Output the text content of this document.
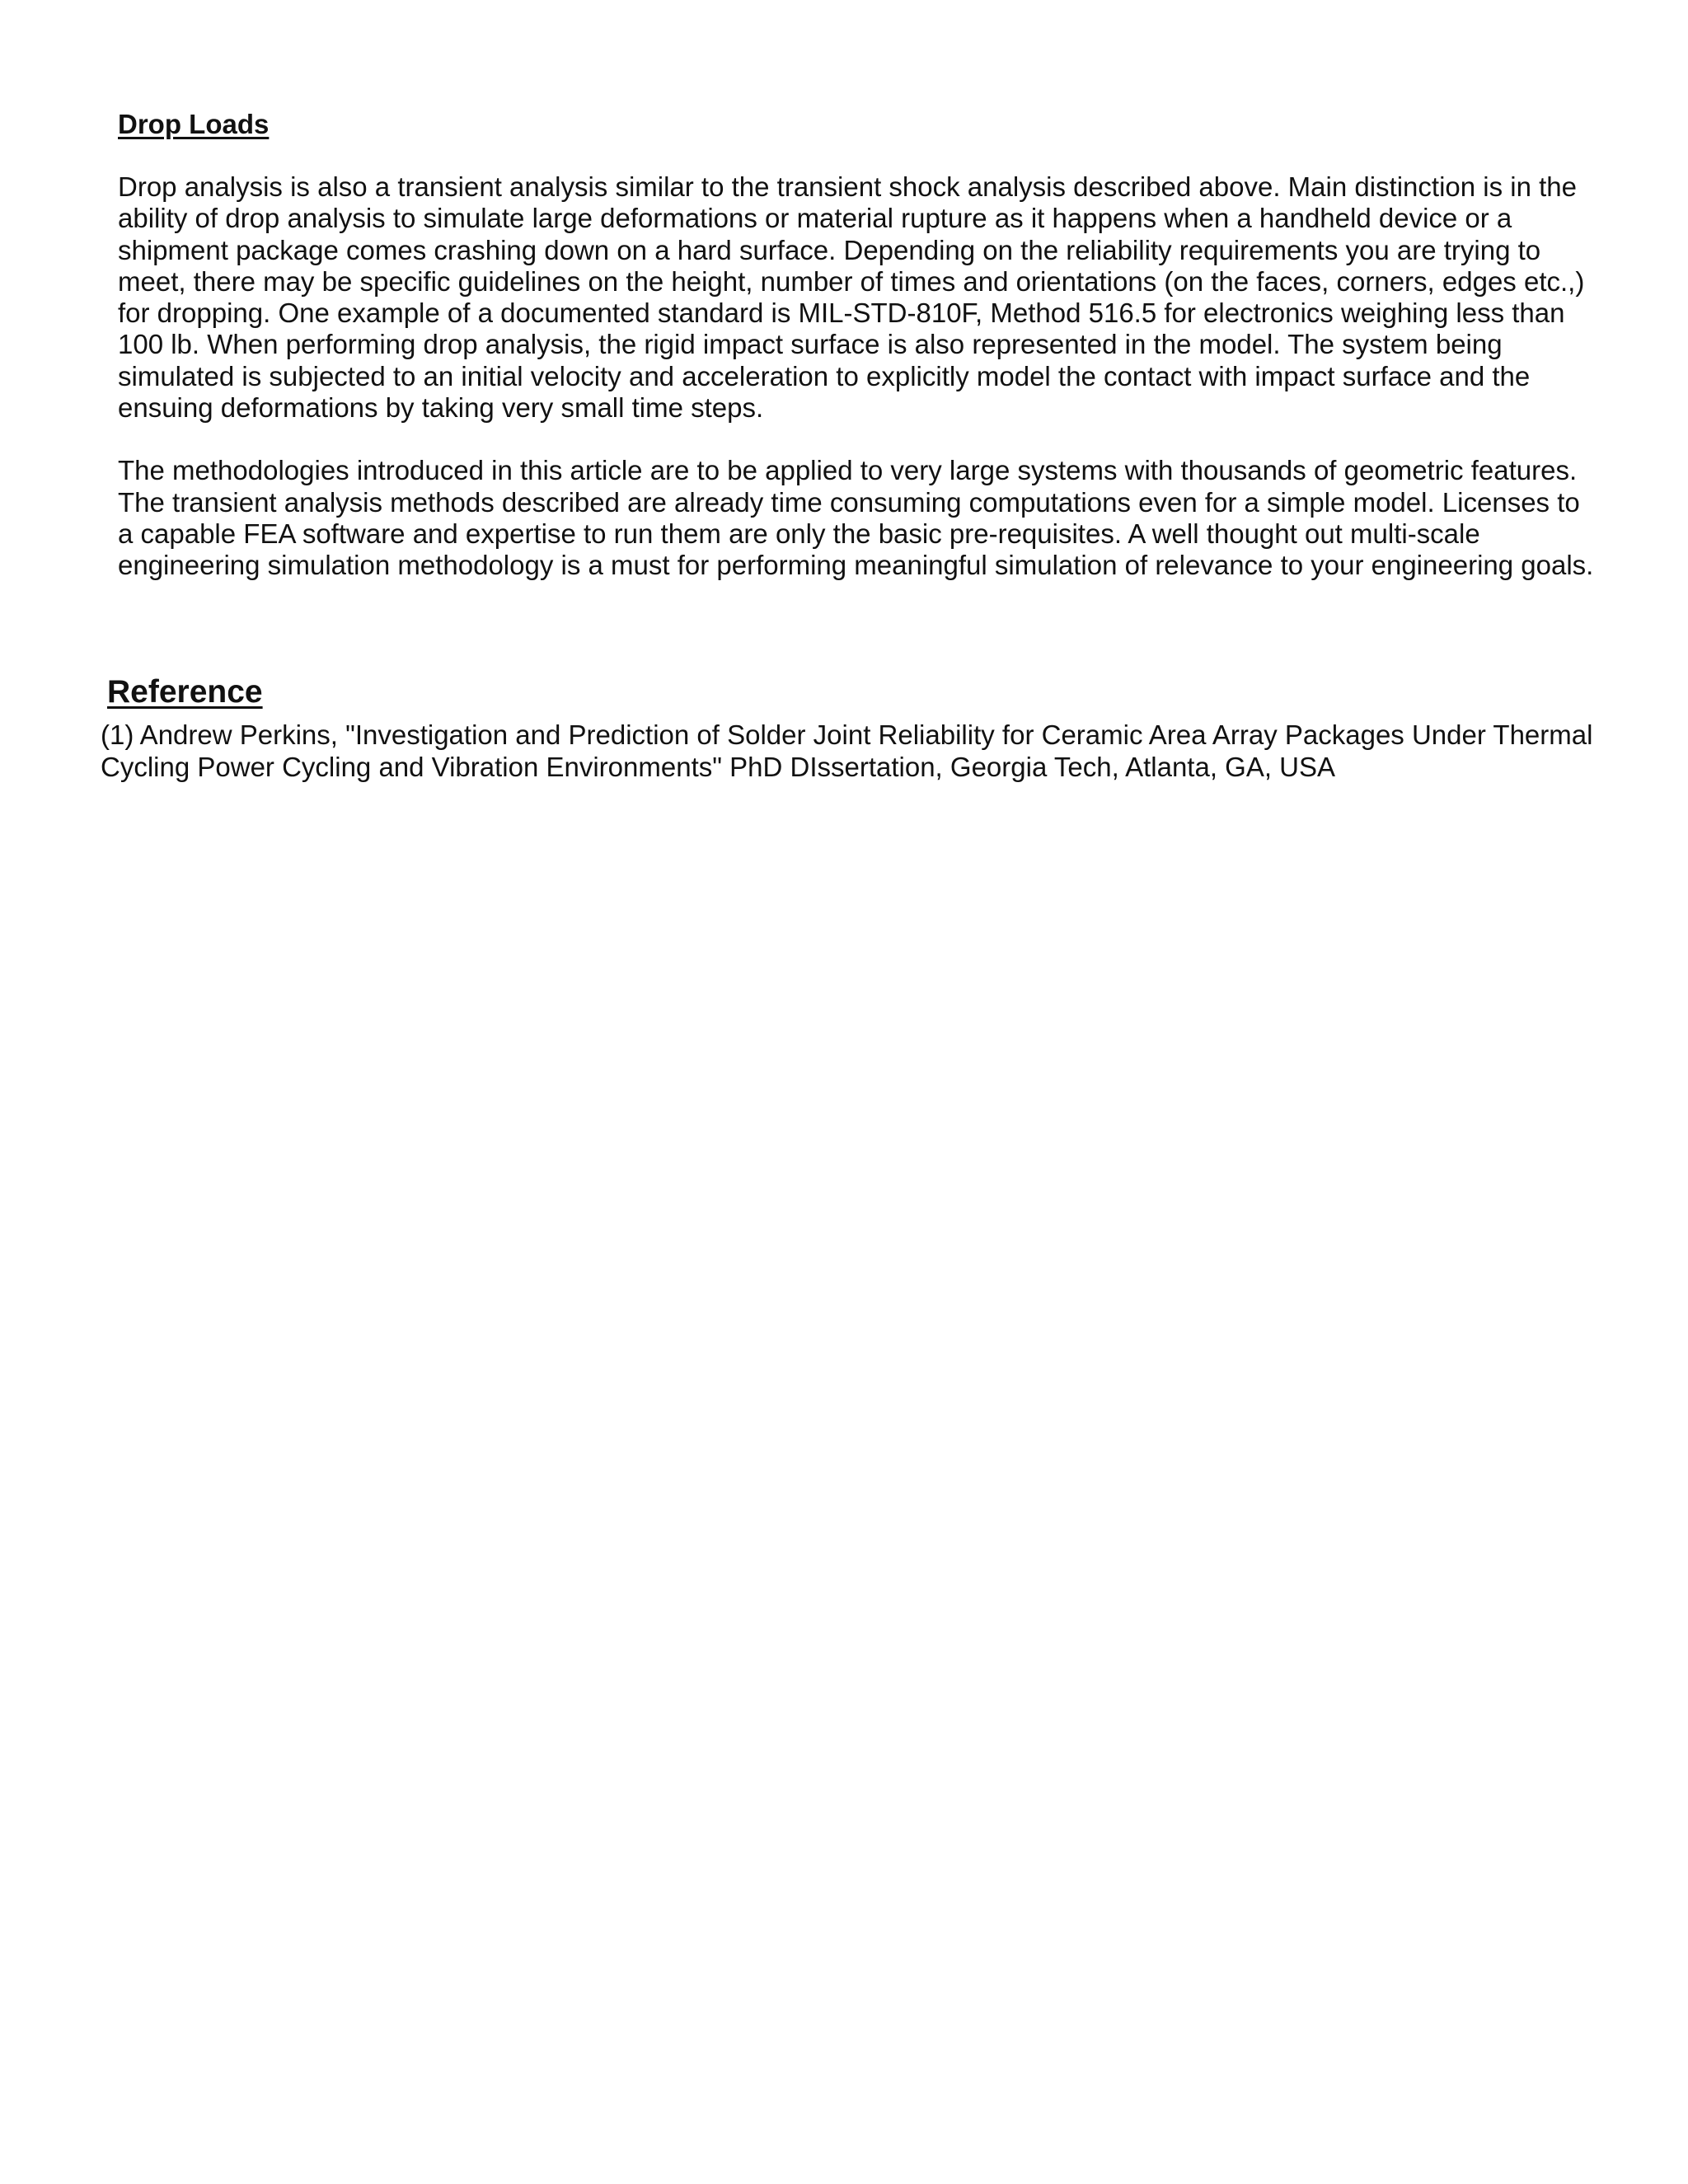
Drop Loads

Drop analysis is also a transient analysis similar to the transient shock analysis described above. Main distinction is in the ability of drop analysis to simulate large deformations or material rupture as it happens when a handheld device or a shipment package comes crashing down on a hard surface. Depending on the reliability requirements you are trying to meet, there may be specific guidelines on the height, number of times and orientations (on the faces, corners, edges etc.,) for dropping. One example of a documented standard is MIL-STD-810F, Method 516.5 for electronics weighing less than 100 lb. When performing drop analysis, the rigid impact surface is also represented in the model. The system being simulated is subjected to an initial velocity and acceleration to explicitly model the contact with impact surface and the ensuing deformations by taking very small time steps.

The methodologies introduced in this article are to be applied to very large systems with thousands of geometric features. The transient analysis methods described are already time consuming computations even for a simple model. Licenses to a capable FEA software and expertise to run them are only the basic pre-requisites. A well thought out multi-scale engineering simulation methodology is a must for performing meaningful simulation of relevance to your engineering goals.

Reference

(1) Andrew Perkins, "Investigation and Prediction of Solder Joint Reliability for Ceramic Area Array Packages Under Thermal Cycling Power Cycling and Vibration Environments" PhD DIssertation, Georgia Tech, Atlanta, GA, USA
